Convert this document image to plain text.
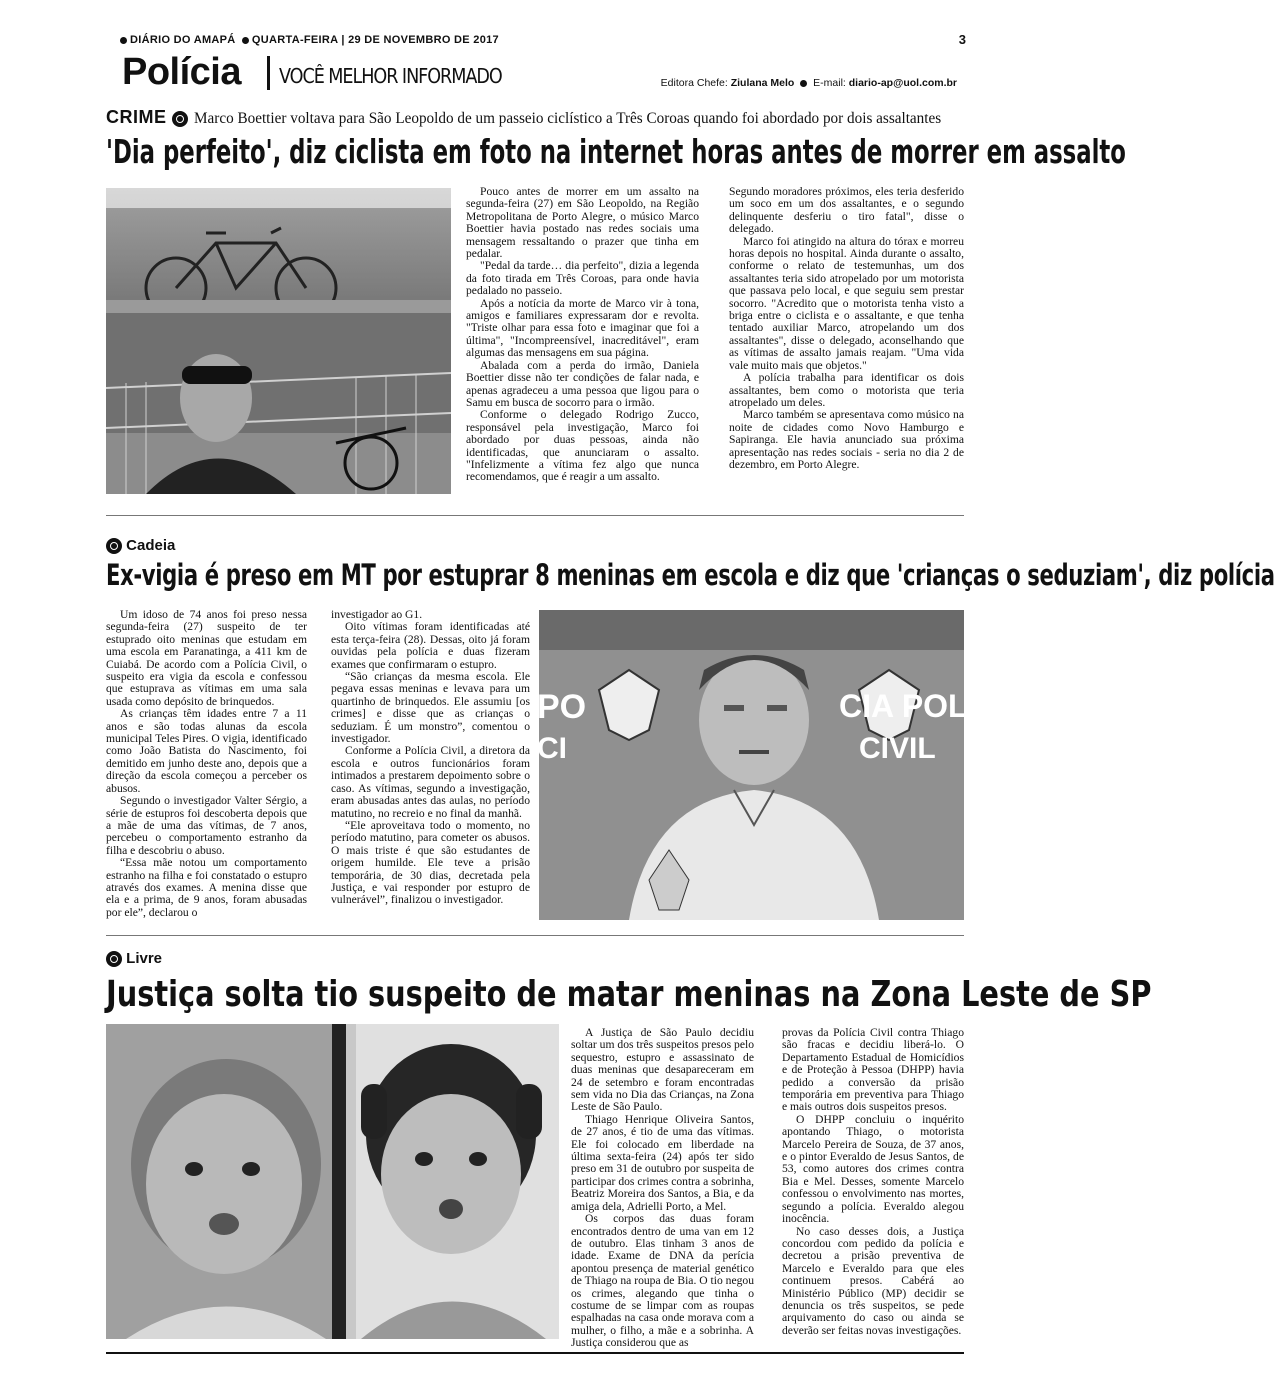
DIÁRIO DO AMAPÁ QUARTA-FEIRA | 29 DE NOVEMBRO DE 2017	3
Polícia VOCÊ MELHOR INFORMADO	Editora Chefe: Ziulana Melo E-mail: diario-ap@uol.com.br
CRIME Marco Boettier voltava para São Leopoldo de um passeio ciclístico a Três Coroas quando foi abordado por dois assaltantes
'Dia perfeito', diz ciclista em foto na internet horas antes de morrer em assalto

Pouco antes de morrer em um assalto na segunda-feira (27) em São Leopoldo, na Região Metropolitana de Porto Alegre, o músico Marco Boettier havia postado nas redes sociais uma mensagem ressaltando o prazer que tinha em pedalar.

"Pedal da tarde… dia perfeito", dizia a legenda da foto tirada em Três Coroas, para onde havia pedalado no passeio.

Após a notícia da morte de Marco vir à tona, amigos e familiares expressaram dor e revolta. "Triste olhar para essa foto e imaginar que foi a última", "Incompreensível, inacreditável", eram algumas das mensagens em sua página.

Abalada com a perda do irmão, Daniela Boettier disse não ter condições de falar nada, e apenas agradeceu a uma pessoa que ligou para o Samu em busca de socorro para o irmão.

Conforme o delegado Rodrigo Zucco, responsável pela investigação, Marco foi abordado por duas pessoas, ainda não identificadas, que anunciaram o assalto. "Infelizmente a vítima fez algo que nunca recomendamos, que é reagir a um assalto.

Segundo moradores próximos, eles teria desferido um soco em um dos assaltantes, e o segundo delinquente desferiu o tiro fatal", disse o delegado.

Marco foi atingido na altura do tórax e morreu horas depois no hospital. Ainda durante o assalto, conforme o relato de testemunhas, um dos assaltantes teria sido atropelado por um motorista que passava pelo local, e que seguiu sem prestar socorro. "Acredito que o motorista tenha visto a briga entre o ciclista e o assaltante, e que tenha tentado auxiliar Marco, atropelando um dos assaltantes", disse o delegado, aconselhando que as vítimas de assalto jamais reajam. "Uma vida vale muito mais que objetos."

A polícia trabalha para identificar os dois assaltantes, bem como o motorista que teria atropelado um deles.

Marco também se apresentava como músico na noite de cidades como Novo Hamburgo e Sapiranga. Ele havia anunciado sua próxima apresentação nas redes sociais - seria no dia 2 de dezembro, em Porto Alegre.

Cadeia
Ex-vigia é preso em MT por estuprar 8 meninas em escola e diz que 'crianças o seduziam', diz polícia

Um idoso de 74 anos foi preso nessa segunda-feira (27) suspeito de ter estuprado oito meninas que estudam em uma escola em Paranatinga, a 411 km de Cuiabá. De acordo com a Polícia Civil, o suspeito era vigia da escola e confessou que estuprava as vítimas em uma sala usada como depósito de brinquedos.

As crianças têm idades entre 7 a 11 anos e são todas alunas da escola municipal Teles Pires. O vigia, identificado como João Batista do Nascimento, foi demitido em junho deste ano, depois que a direção da escola começou a perceber os abusos.

Segundo o investigador Valter Sérgio, a série de estupros foi descoberta depois que a mãe de uma das vítimas, de 7 anos, percebeu o comportamento estranho da filha e descobriu o abuso.

“Essa mãe notou um comportamento estranho na filha e foi constatado o estupro através dos exames. A menina disse que ela e a prima, de 9 anos, foram abusadas por ele”, declarou o

investigador ao G1.

Oito vítimas foram identificadas até esta terça-feira (28). Dessas, oito já foram ouvidas pela polícia e duas fizeram exames que confirmaram o estupro.

“São crianças da mesma escola. Ele pegava essas meninas e levava para um quartinho de brinquedos. Ele assumiu [os crimes] e disse que as crianças o seduziam. É um monstro”, comentou o investigador.

Conforme a Polícia Civil, a diretora da escola e outros funcionários foram intimados a prestarem depoimento sobre o caso. As vítimas, segundo a investigação, eram abusadas antes das aulas, no período matutino, no recreio e no final da manhã.

“Ele aproveitava todo o momento, no período matutino, para cometer os abusos. O mais triste é que são estudantes de origem humilde. Ele teve a prisão temporária, de 30 dias, decretada pela Justiça, e vai responder por estupro de vulnerável”, finalizou o investigador.

PO
CI
CIA POLÍ
CIVIL
Livre
Justiça solta tio suspeito de matar meninas na Zona Leste de SP

A Justiça de São Paulo decidiu soltar um dos três suspeitos presos pelo sequestro, estupro e assassinato de duas meninas que desapareceram em 24 de setembro e foram encontradas sem vida no Dia das Crianças, na Zona Leste de São Paulo.

Thiago Henrique Oliveira Santos, de 27 anos, é tio de uma das vítimas. Ele foi colocado em liberdade na última sexta-feira (24) após ter sido preso em 31 de outubro por suspeita de participar dos crimes contra a sobrinha, Beatriz Moreira dos Santos, a Bia, e da amiga dela, Adrielli Porto, a Mel.

Os corpos das duas foram encontrados dentro de uma van em 12 de outubro. Elas tinham 3 anos de idade. Exame de DNA da perícia apontou presença de material genético de Thiago na roupa de Bia. O tio negou os crimes, alegando que tinha o costume de se limpar com as roupas espalhadas na casa onde morava com a mulher, o filho, a mãe e a sobrinha. A Justiça considerou que as

provas da Polícia Civil contra Thiago são fracas e decidiu liberá-lo. O Departamento Estadual de Homicídios e de Proteção à Pessoa (DHPP) havia pedido a conversão da prisão temporária em preventiva para Thiago e mais outros dois suspeitos presos.

O DHPP concluiu o inquérito apontando Thiago, o motorista Marcelo Pereira de Souza, de 37 anos, e o pintor Everaldo de Jesus Santos, de 53, como autores dos crimes contra Bia e Mel. Desses, somente Marcelo confessou o envolvimento nas mortes, segundo a polícia. Everaldo alegou inocência.

No caso desses dois, a Justiça concordou com pedido da polícia e decretou a prisão preventiva de Marcelo e Everaldo para que eles continuem presos. Cabérá ao Ministério Público (MP) decidir se denuncia os três suspeitos, se pede arquivamento do caso ou ainda se deverão ser feitas novas investigações.
